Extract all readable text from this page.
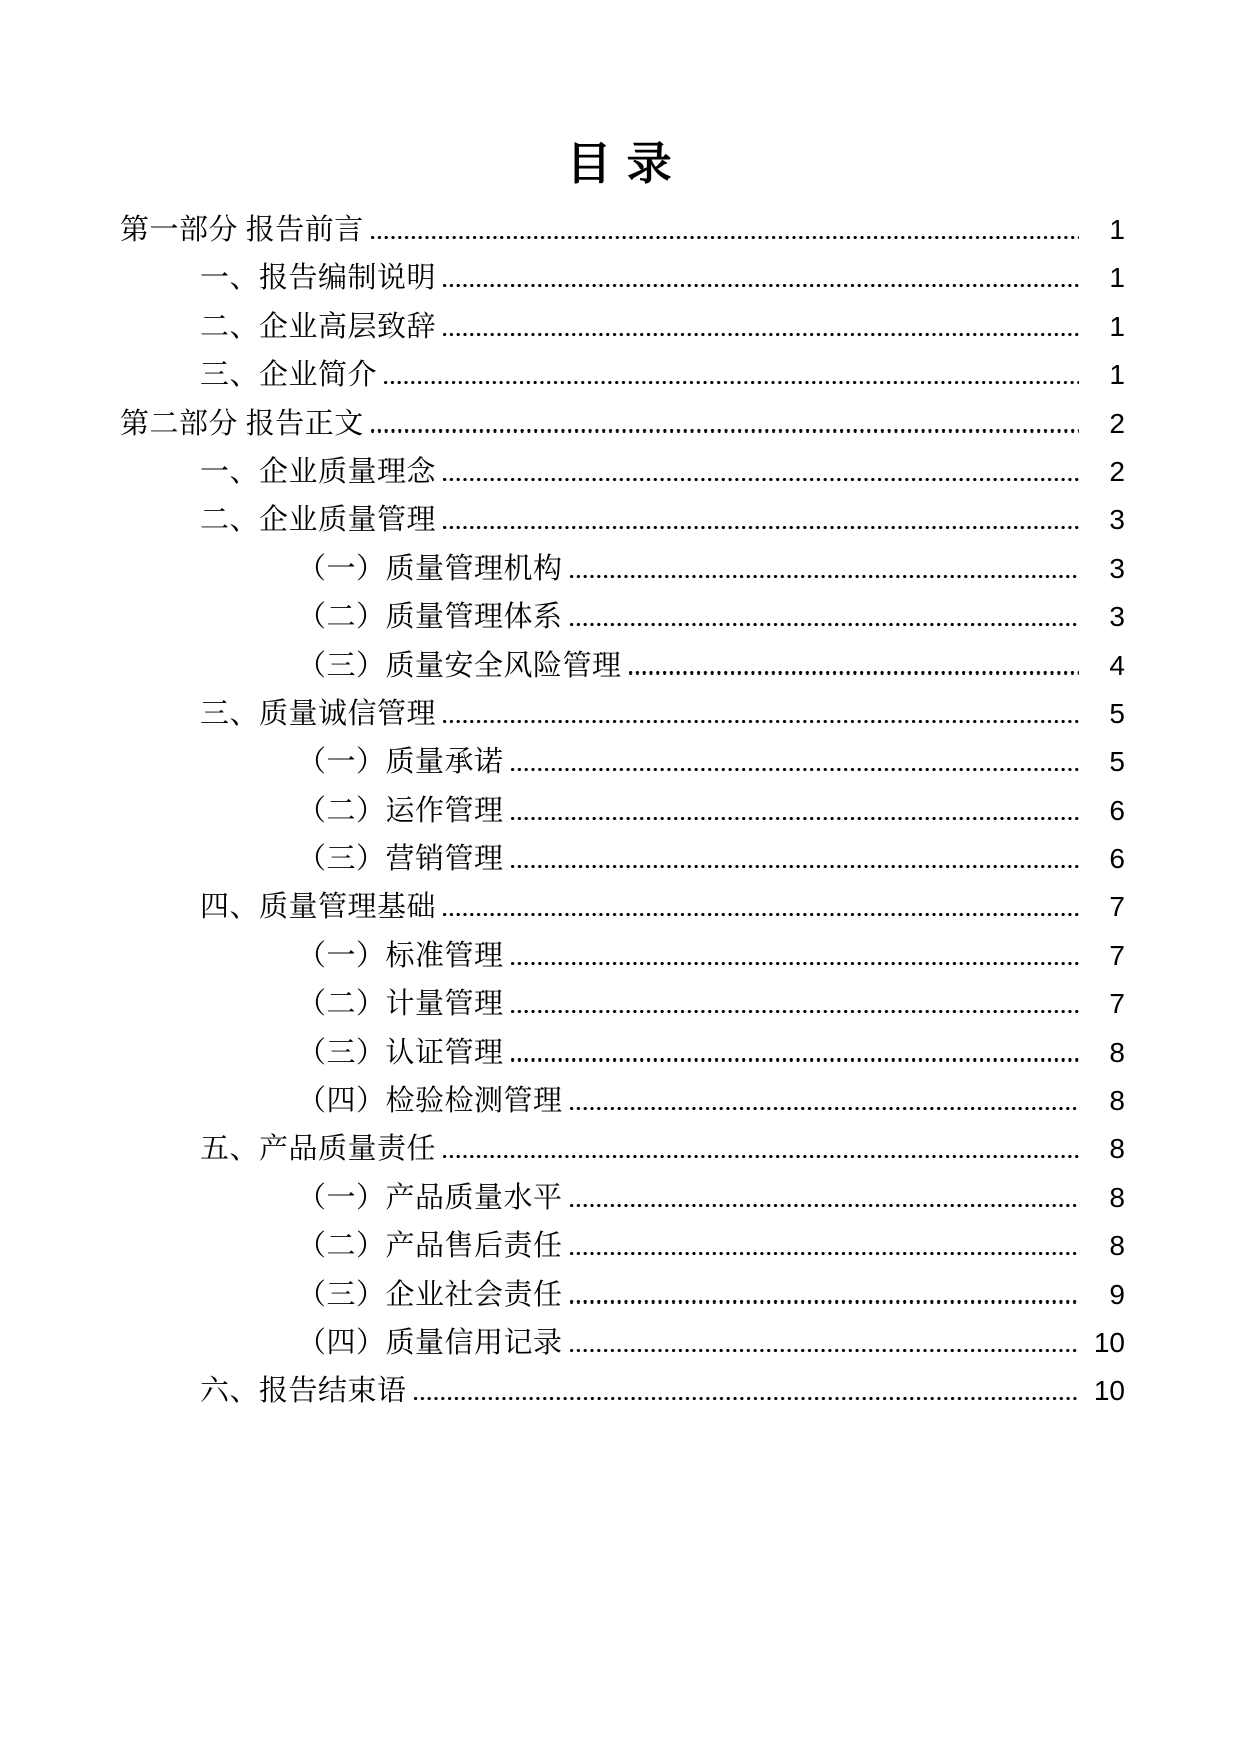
目 录
第一部分 报告前言	1
一、报告编制说明	1
二、企业高层致辞	1
三、企业简介	1
第二部分 报告正文	2
一、企业质量理念	2
二、企业质量管理	3
（一）质量管理机构	3
（二）质量管理体系	3
（三）质量安全风险管理	4
三、质量诚信管理	5
（一）质量承诺	5
（二）运作管理	6
（三）营销管理	6
四、质量管理基础	7
（一）标准管理	7
（二）计量管理	7
（三）认证管理	8
（四）检验检测管理	8
五、产品质量责任	8
（一）产品质量水平	8
（二）产品售后责任	8
（三）企业社会责任	9
（四）质量信用记录	10
六、报告结束语	10
